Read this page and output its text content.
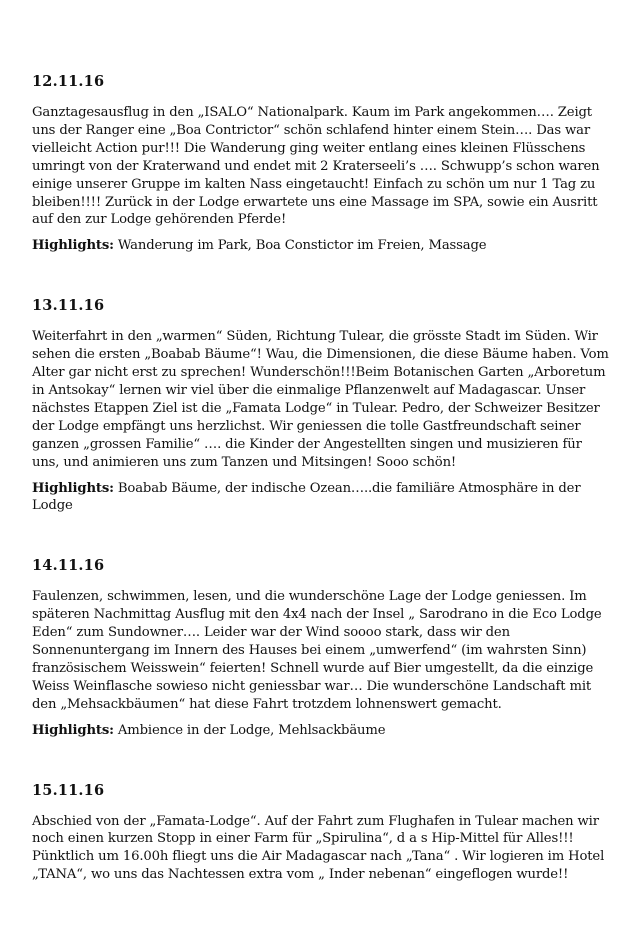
12.11.16

Ganztagesausflug in den „ISALO“ Nationalpark. Kaum im Park angekommen…. Zeigt uns der Ranger eine „Boa Contrictor“ schön schlafend hinter einem Stein…. Das war vielleicht Action pur!!! Die Wanderung ging weiter entlang eines kleinen Flüsschens umringt von der Kraterwand und endet mit 2 Kraterseeli’s …. Schwupp’s schon waren einige unserer Gruppe im kalten Nass eingetaucht! Einfach zu schön um nur 1 Tag zu bleiben!!!! Zurück in der Lodge erwartete uns eine Massage im SPA, sowie ein Ausritt auf den zur Lodge gehörenden Pferde!

Highlights: Wanderung im Park, Boa Constictor im Freien, Massage

13.11.16

Weiterfahrt in den „warmen“ Süden, Richtung Tulear, die grösste Stadt im Süden. Wir sehen die ersten „Boabab Bäume“! Wau, die Dimensionen, die diese Bäume haben. Vom Alter gar nicht erst zu sprechen! Wunderschön!!!Beim Botanischen Garten „Arboretum in Antsokay“ lernen wir viel über die einmalige Pflanzenwelt auf Madagascar. Unser nächstes Etappen Ziel ist die „Famata Lodge“ in Tulear. Pedro, der Schweizer Besitzer der Lodge empfängt uns herzlichst. Wir geniessen die tolle Gastfreundschaft seiner ganzen „grossen Familie“ …. die Kinder der Angestellten singen und musizieren für uns, und animieren uns zum Tanzen und Mitsingen! Sooo schön!

Highlights: Boabab Bäume, der indische Ozean…..die familiäre Atmosphäre in der Lodge

14.11.16

Faulenzen, schwimmen, lesen, und die wunderschöne Lage der Lodge geniessen. Im späteren Nachmittag Ausflug mit den 4x4 nach der Insel „ Sarodrano in die Eco Lodge Eden“ zum Sundowner…. Leider war der Wind soooo stark, dass wir den Sonnenuntergang im Innern des Hauses bei einem „umwerfend“ (im wahrsten Sinn) französischem Weisswein“ feierten! Schnell wurde auf Bier umgestellt, da die einzige Weiss Weinflasche sowieso nicht geniessbar war… Die wunderschöne Landschaft mit den „Mehsackbäumen“ hat diese Fahrt trotzdem lohnenswert gemacht.

Highlights: Ambience in der Lodge, Mehlsackbäume

15.11.16

Abschied von der „Famata-Lodge“. Auf der Fahrt zum Flughafen in Tulear machen wir noch einen kurzen Stopp in einer Farm für „Spirulina“, d a s Hip-Mittel für Alles!!! Pünktlich um 16.00h fliegt uns die Air Madagascar nach „Tana“ . Wir logieren im Hotel „TANA“, wo uns das Nachtessen extra vom „ Inder nebenan“ eingeflogen wurde!!
